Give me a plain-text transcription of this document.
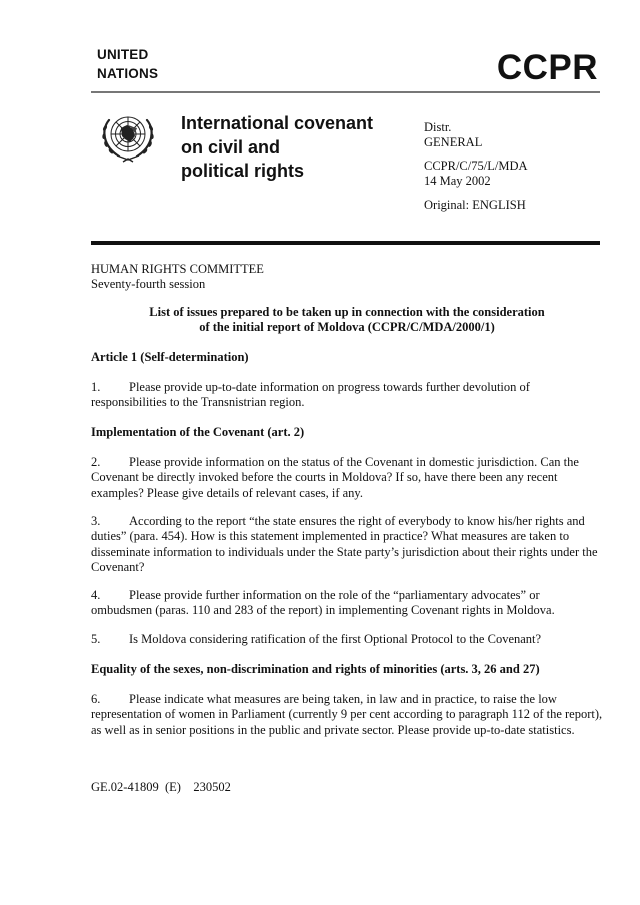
UNITED
NATIONS	CCPR
International covenant
on civil and
political rights
Distr.
GENERAL
CCPR/C/75/L/MDA
14 May 2002
Original: ENGLISH
HUMAN RIGHTS COMMITTEE
Seventy-fourth session
List of issues prepared to be taken up in connection with the consideration
of the initial report of Moldova (CCPR/C/MDA/2000/1)
Article 1 (Self-determination)

1. Please provide up-to-date information on progress towards further devolution of responsibilities to the Transnistrian region.

Implementation of the Covenant (art. 2)

2. Please provide information on the status of the Covenant in domestic jurisdiction. Can the Covenant be directly invoked before the courts in Moldova? If so, have there been any recent examples? Please give details of relevant cases, if any.

3. According to the report “the state ensures the right of everybody to know his/her rights and duties” (para. 454). How is this statement implemented in practice? What measures are taken to disseminate information to individuals under the State party’s jurisdiction about their rights under the Covenant?

4. Please provide further information on the role of the “parliamentary advocates” or ombudsmen (paras. 110 and 283 of the report) in implementing Covenant rights in Moldova.

5. Is Moldova considering ratification of the first Optional Protocol to the Covenant?

Equality of the sexes, non-discrimination and rights of minorities (arts. 3, 26 and 27)

6. Please indicate what measures are being taken, in law and in practice, to raise the low representation of women in Parliament (currently 9 per cent according to paragraph 112 of the report), as well as in senior positions in the public and private sector. Please provide up-to-date statistics.

GE.02-41809  (E)    230502
